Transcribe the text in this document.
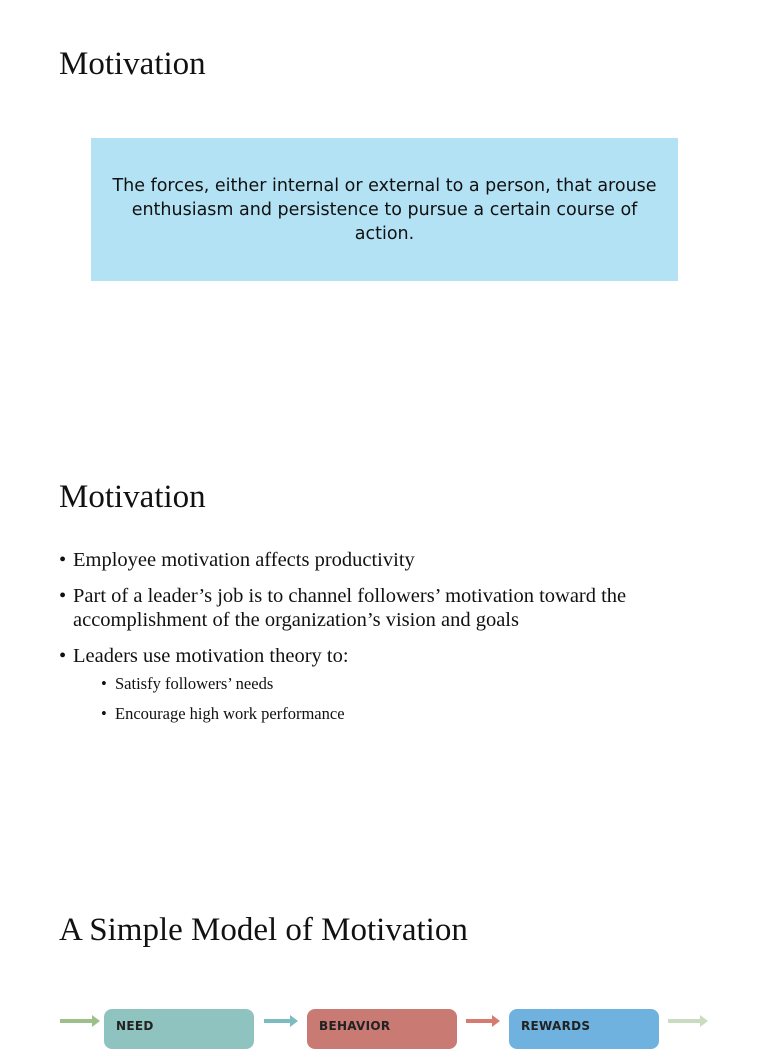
Motivation
The forces, either internal or external to a person, that arouse enthusiasm and persistence to pursue a certain course of action.
Motivation
• Employee motivation affects productivity
• Part of a leader’s job is to channel followers’ motivation toward the accomplishment of the organization’s vision and goals
• Leaders use motivation theory to:
• Satisfy followers’ needs
• Encourage high work performance
A Simple Model of Motivation
NEED	BEHAVIOR	REWARDS
